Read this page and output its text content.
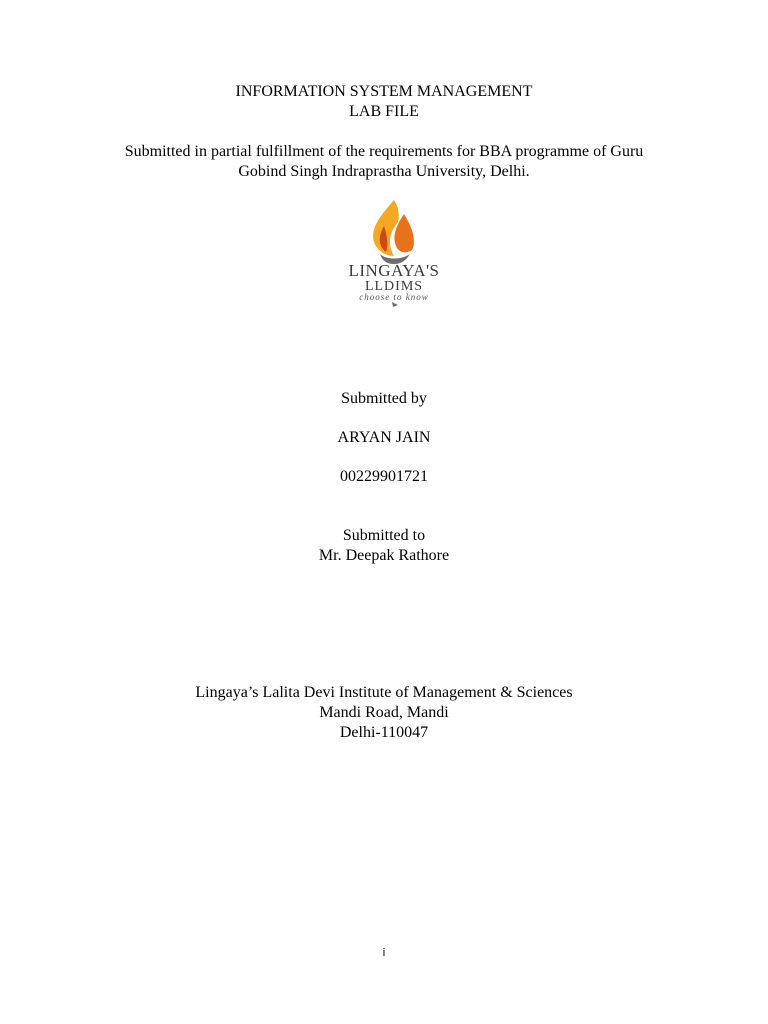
INFORMATION SYSTEM MANAGEMENT
LAB FILE
Submitted in partial fulfillment of the requirements for BBA programme of Guru
Gobind Singh Indraprastha University, Delhi.
LINGAYA'S
LLDIMS
choose to know
Submitted by
ARYAN JAIN
00229901721
Submitted to
Mr. Deepak Rathore
Lingaya’s Lalita Devi Institute of Management & Sciences
Mandi Road, Mandi
Delhi-110047
i
